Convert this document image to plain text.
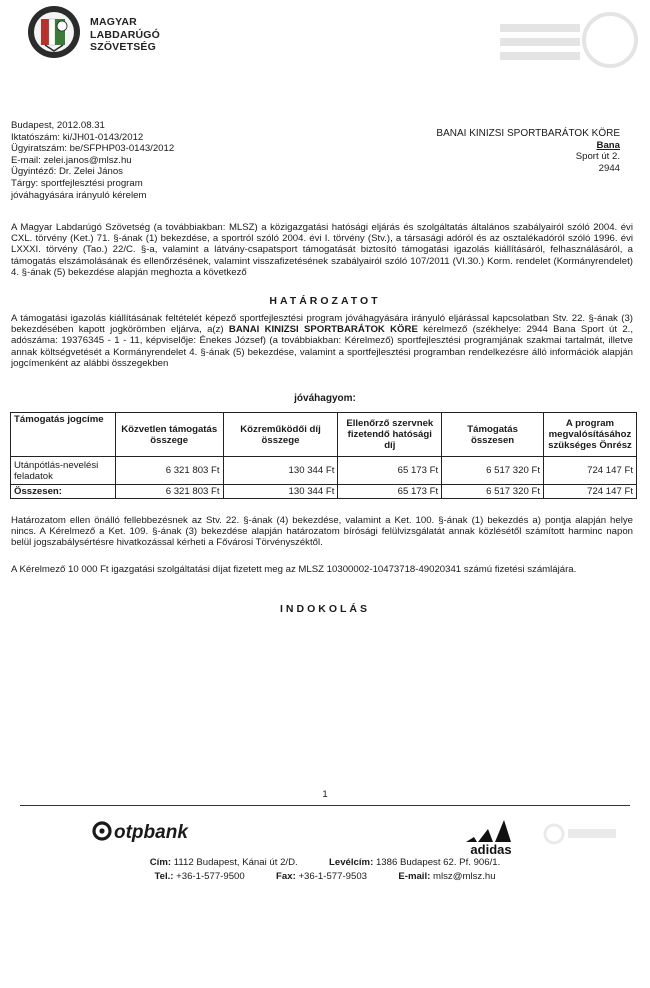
MAGYAR
LABDARÚGÓ
SZÖVETSÉG
Budapest, 2012.08.31
Iktatószám: ki/JH01-0143/2012
Ügyiratszám: be/SFPHP03-0143/2012
E-mail: zelei.janos@mlsz.hu
Ügyintéző: Dr. Zelei János
Tárgy: sportfejlesztési program
jóváhagyására irányuló kérelem
BANAI KINIZSI SPORTBARÁTOK KÖRE
Bana
Sport út 2.
2944
A Magyar Labdarúgó Szövetség (a továbbiakban: MLSZ) a közigazgatási hatósági eljárás és szolgáltatás általános szabályairól szóló 2004. évi CXL. törvény (Ket.) 71. §-ának (1) bekezdése, a sportról szóló 2004. évi I. törvény (Stv.), a társasági adóról és az osztalékadóról szóló 1996. évi LXXXI. törvény (Tao.) 22/C. §-a, valamint a látvány-csapatsport támogatását biztosító támogatási igazolás kiállításáról, felhasználásáról, a támogatás elszámolásának és ellenőrzésének, valamint visszafizetésének szabályairól szóló 107/2011 (VI.30.) Korm. rendelet (Kormányrendelet) 4. §-ának (5) bekezdése alapján meghozta a következő
HATÁROZATOT
A támogatási igazolás kiállításának feltételét képező sportfejlesztési program jóváhagyására irányuló eljárással kapcsolatban Stv. 22. §-ának (3) bekezdésében kapott jogkörömben eljárva, a(z) BANAI KINIZSI SPORTBARÁTOK KÖRE kérelmező (székhelye: 2944 Bana Sport út 2., adószáma: 19376345 - 1 - 11, képviselője: Énekes József) (a továbbiakban: Kérelmező) sportfejlesztési programjának szakmai tartalmát, illetve annak költségvetését a Kormányrendelet 4. §-ának (5) bekezdése, valamint a sportfejlesztési programban rendelkezésre álló információk alapján jogcímenként az alábbi összegekben
jóváhagyom:
Támogatás jogcíme	Közvetlen támogatás összege	Közreműködői díj összege	Ellenőrző szervnek fizetendő hatósági díj	Támogatás összesen	A program megvalósításához szükséges Önrész
Utánpótlás-nevelési feladatok	6 321 803 Ft	130 344 Ft	65 173 Ft	6 517 320 Ft	724 147 Ft
Összesen:	6 321 803 Ft	130 344 Ft	65 173 Ft	6 517 320 Ft	724 147 Ft
Határozatom ellen önálló fellebbezésnek az Stv. 22. §-ának (4) bekezdése, valamint a Ket. 100. §-ának (1) bekezdés a) pontja alapján helye nincs. A Kérelmező a Ket. 109. §-ának (3) bekezdése alapján határozatom bírósági felülvizsgálatát annak közlésétől számított harminc napon belül jogszabálysértésre hivatkozással kérheti a Fővárosi Törvényszéktől.
A Kérelmező 10 000 Ft igazgatási szolgáltatási díjat fizetett meg az MLSZ 10300002-10473718-49020341 számú fizetési számlájára.
INDOKOLÁS
1
otpbank
adidas
Cím: 1112 Budapest, Kánai út 2/D.	Levélcím: 1386 Budapest 62. Pf. 906/1.
Tel.: +36-1-577-9500	Fax: +36-1-577-9503	E-mail: mlsz@mlsz.hu
